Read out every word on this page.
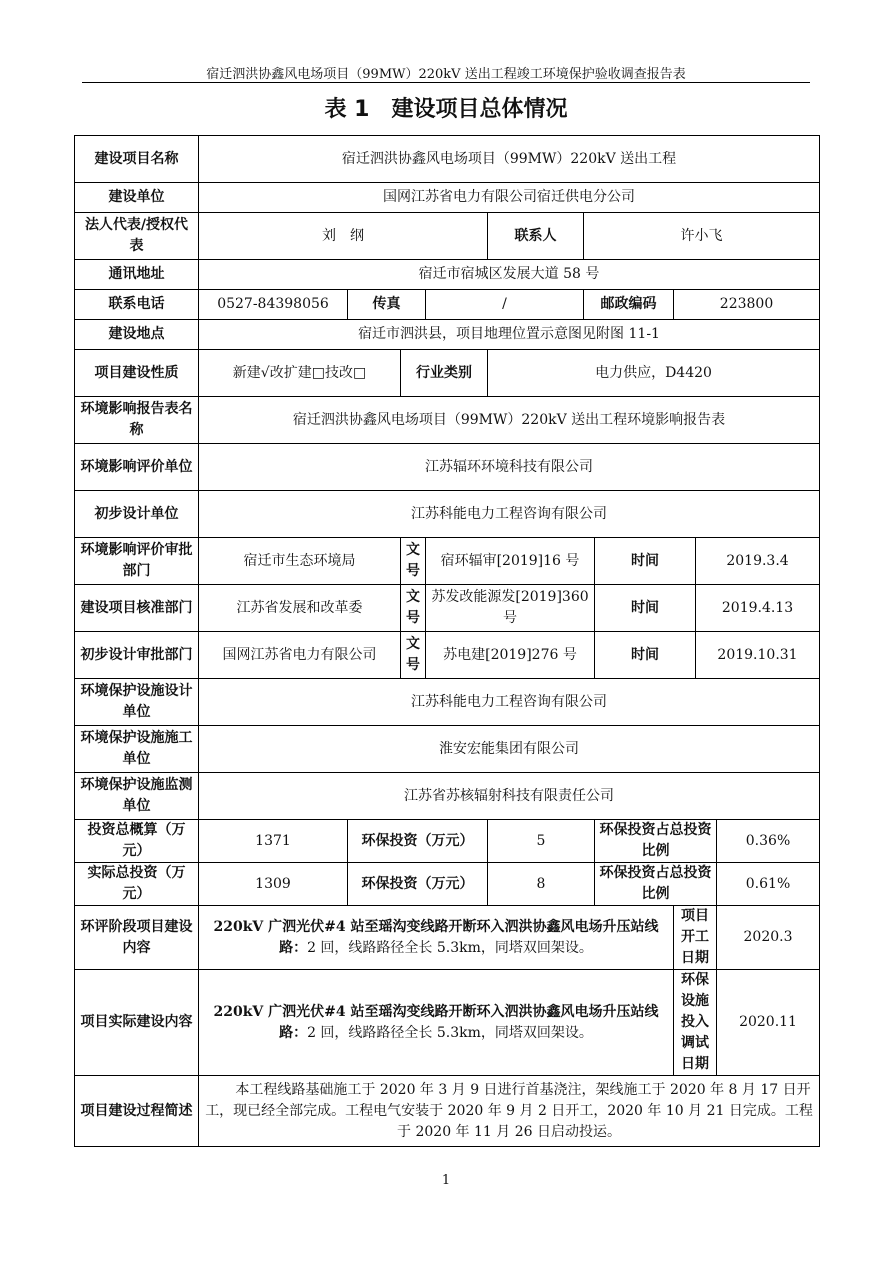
宿迁泗洪协鑫风电场项目（99MW）220kV 送出工程竣工环境保护验收调查报告表
表 1　建设项目总体情况
建设项目名称	宿迁泗洪协鑫风电场项目（99MW）220kV 送出工程									
建设单位	国网江苏省电力有限公司宿迁供电分公司									
法人代表/授权代表	刘　纲				联系人	许小飞				
通讯地址	宿迁市宿城区发展大道 58 号									
联系电话	0527-84398056	传真		/		邮政编码		223800		
建设地点	宿迁市泗洪县，项目地理位置示意图见附图 11-1									
项目建设性质	新建√改扩建□技改□		行业类别		电力供应，D4420					
环境影响报告表名称	宿迁泗洪协鑫风电场项目（99MW）220kV 送出工程环境影响报告表									
环境影响评价单位	江苏辐环环境科技有限公司									
初步设计单位	江苏科能电力工程咨询有限公司									
环境影响评价审批部门	宿迁市生态环境局		文号	宿环辐审[2019]16 号			时间		2019.3.4	
建设项目核准部门	江苏省发展和改革委		文号	苏发改能源发[2019]360 号			时间		2019.4.13	
初步设计审批部门	国网江苏省电力有限公司		文号	苏电建[2019]276 号			时间		2019.10.31	
环境保护设施设计单位	江苏科能电力工程咨询有限公司									
环境保护设施施工单位	淮安宏能集团有限公司									
环境保护设施监测单位	江苏省苏核辐射科技有限责任公司									
投资总概算（万元）	1371	环保投资（万元）			5		环保投资占总投资比例			0.36%
实际总投资（万元）	1309	环保投资（万元）			8		环保投资占总投资比例			0.61%
环评阶段项目建设内容	220kV 广泗光伏#4 站至瑶沟变线路开断环入泗洪协鑫风电场升压站线路：2 回，线路路径全长 5.3km，同塔双回架设。							项目开工日期		2020.3
项目实际建设内容	220kV 广泗光伏#4 站至瑶沟变线路开断环入泗洪协鑫风电场升压站线路：2 回，线路路径全长 5.3km，同塔双回架设。							环保设施投入调试日期		2020.11
项目建设过程简述	本工程线路基础施工于 2020 年 3 月 9 日进行首基浇注，架线施工于 2020 年 8 月 17 日开工，现已经全部完成。工程电气安装于 2020 年 9 月 2 日开工，2020 年 10 月 21 日完成。工程于 2020 年 11 月 26 日启动投运。									
1
